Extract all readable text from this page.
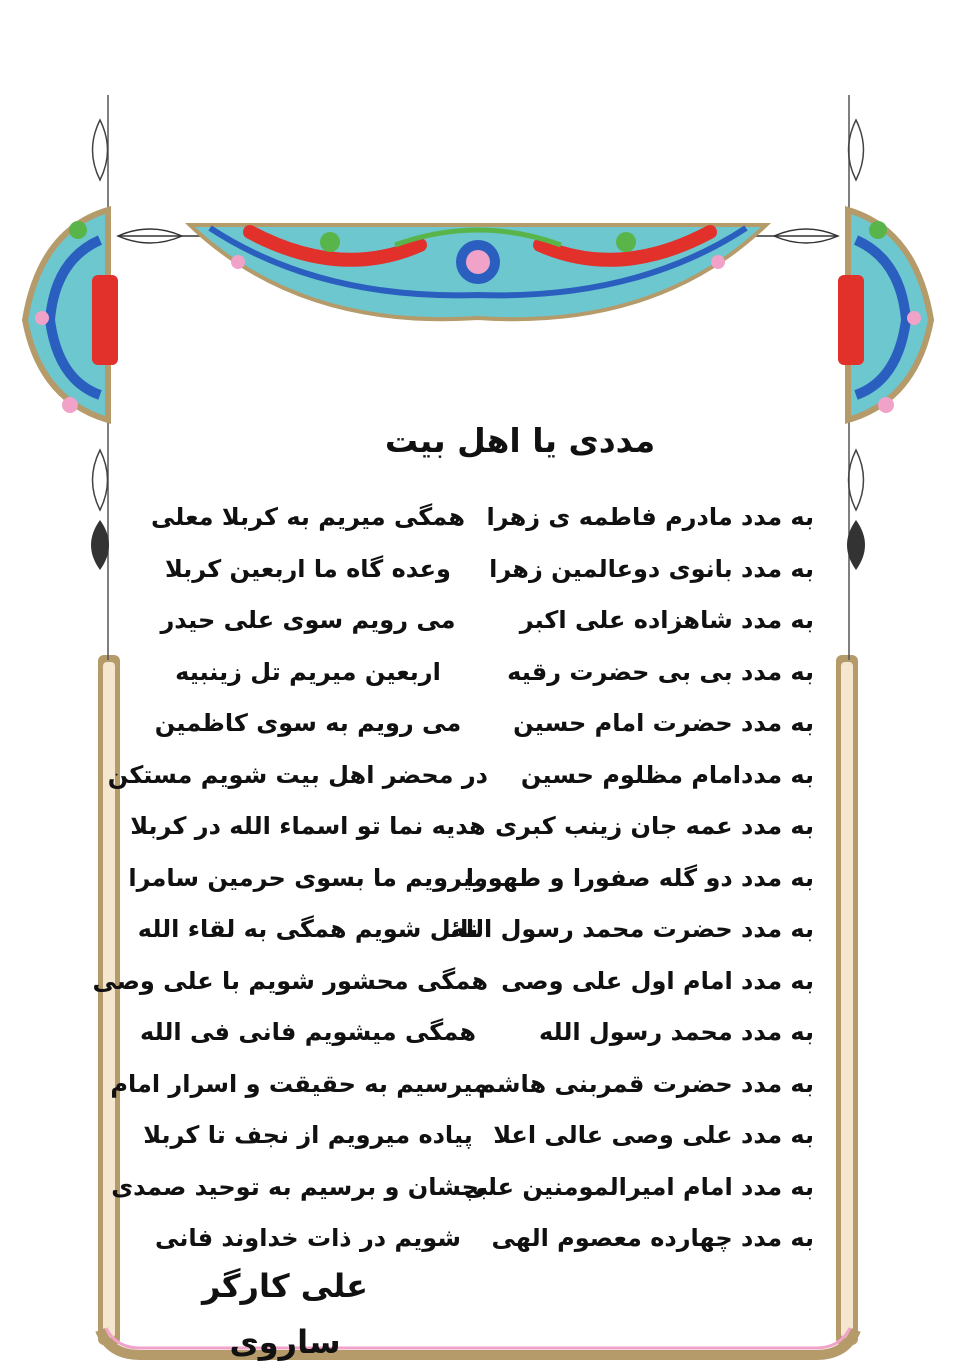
مددی یا اهل بیت
به مدد مادرم فاطمه ی زهرا
به مدد بانوی دوعالمین زهرا
به مدد شاهزاده علی اکبر
به مدد بی بی حضرت رقیه
به مدد حضرت امام حسین
به مددامام مظلوم حسین
به مدد عمه جان زینب کبری
به مدد دو گله صفورا و طهورا
به مدد حضرت محمد رسول الله
به مدد امام اول علی وصی
به مدد محمد رسول الله
به مدد حضرت قمربنی هاشم
به مدد علی وصی عالی اعلا
به مدد امام امیرالمومنین علی
به مدد چهارده معصوم الهی
همگی میریم به کربلا معلی
وعده گاه ما اربعین کربلا
می رویم سوی علی حیدر
اربعین میریم تل زینبیه
می رویم به سوی کاظمین
در محضر اهل بیت شویم مستکن
هدیه نما تو اسماء الله در کربلا
میرویم ما بسوی حرمین سامرا
نائل شویم همگی به لقاء الله
همگی محشور شویم با علی وصی
همگی میشویم فانی فی الله
میرسیم به حقیقت و اسرار امام
پیاده میرویم از نجف تا کربلا
بچشان و برسیم به توحید صمدی
شویم در ذات خداوند فانی
علی کارگر ساروی
